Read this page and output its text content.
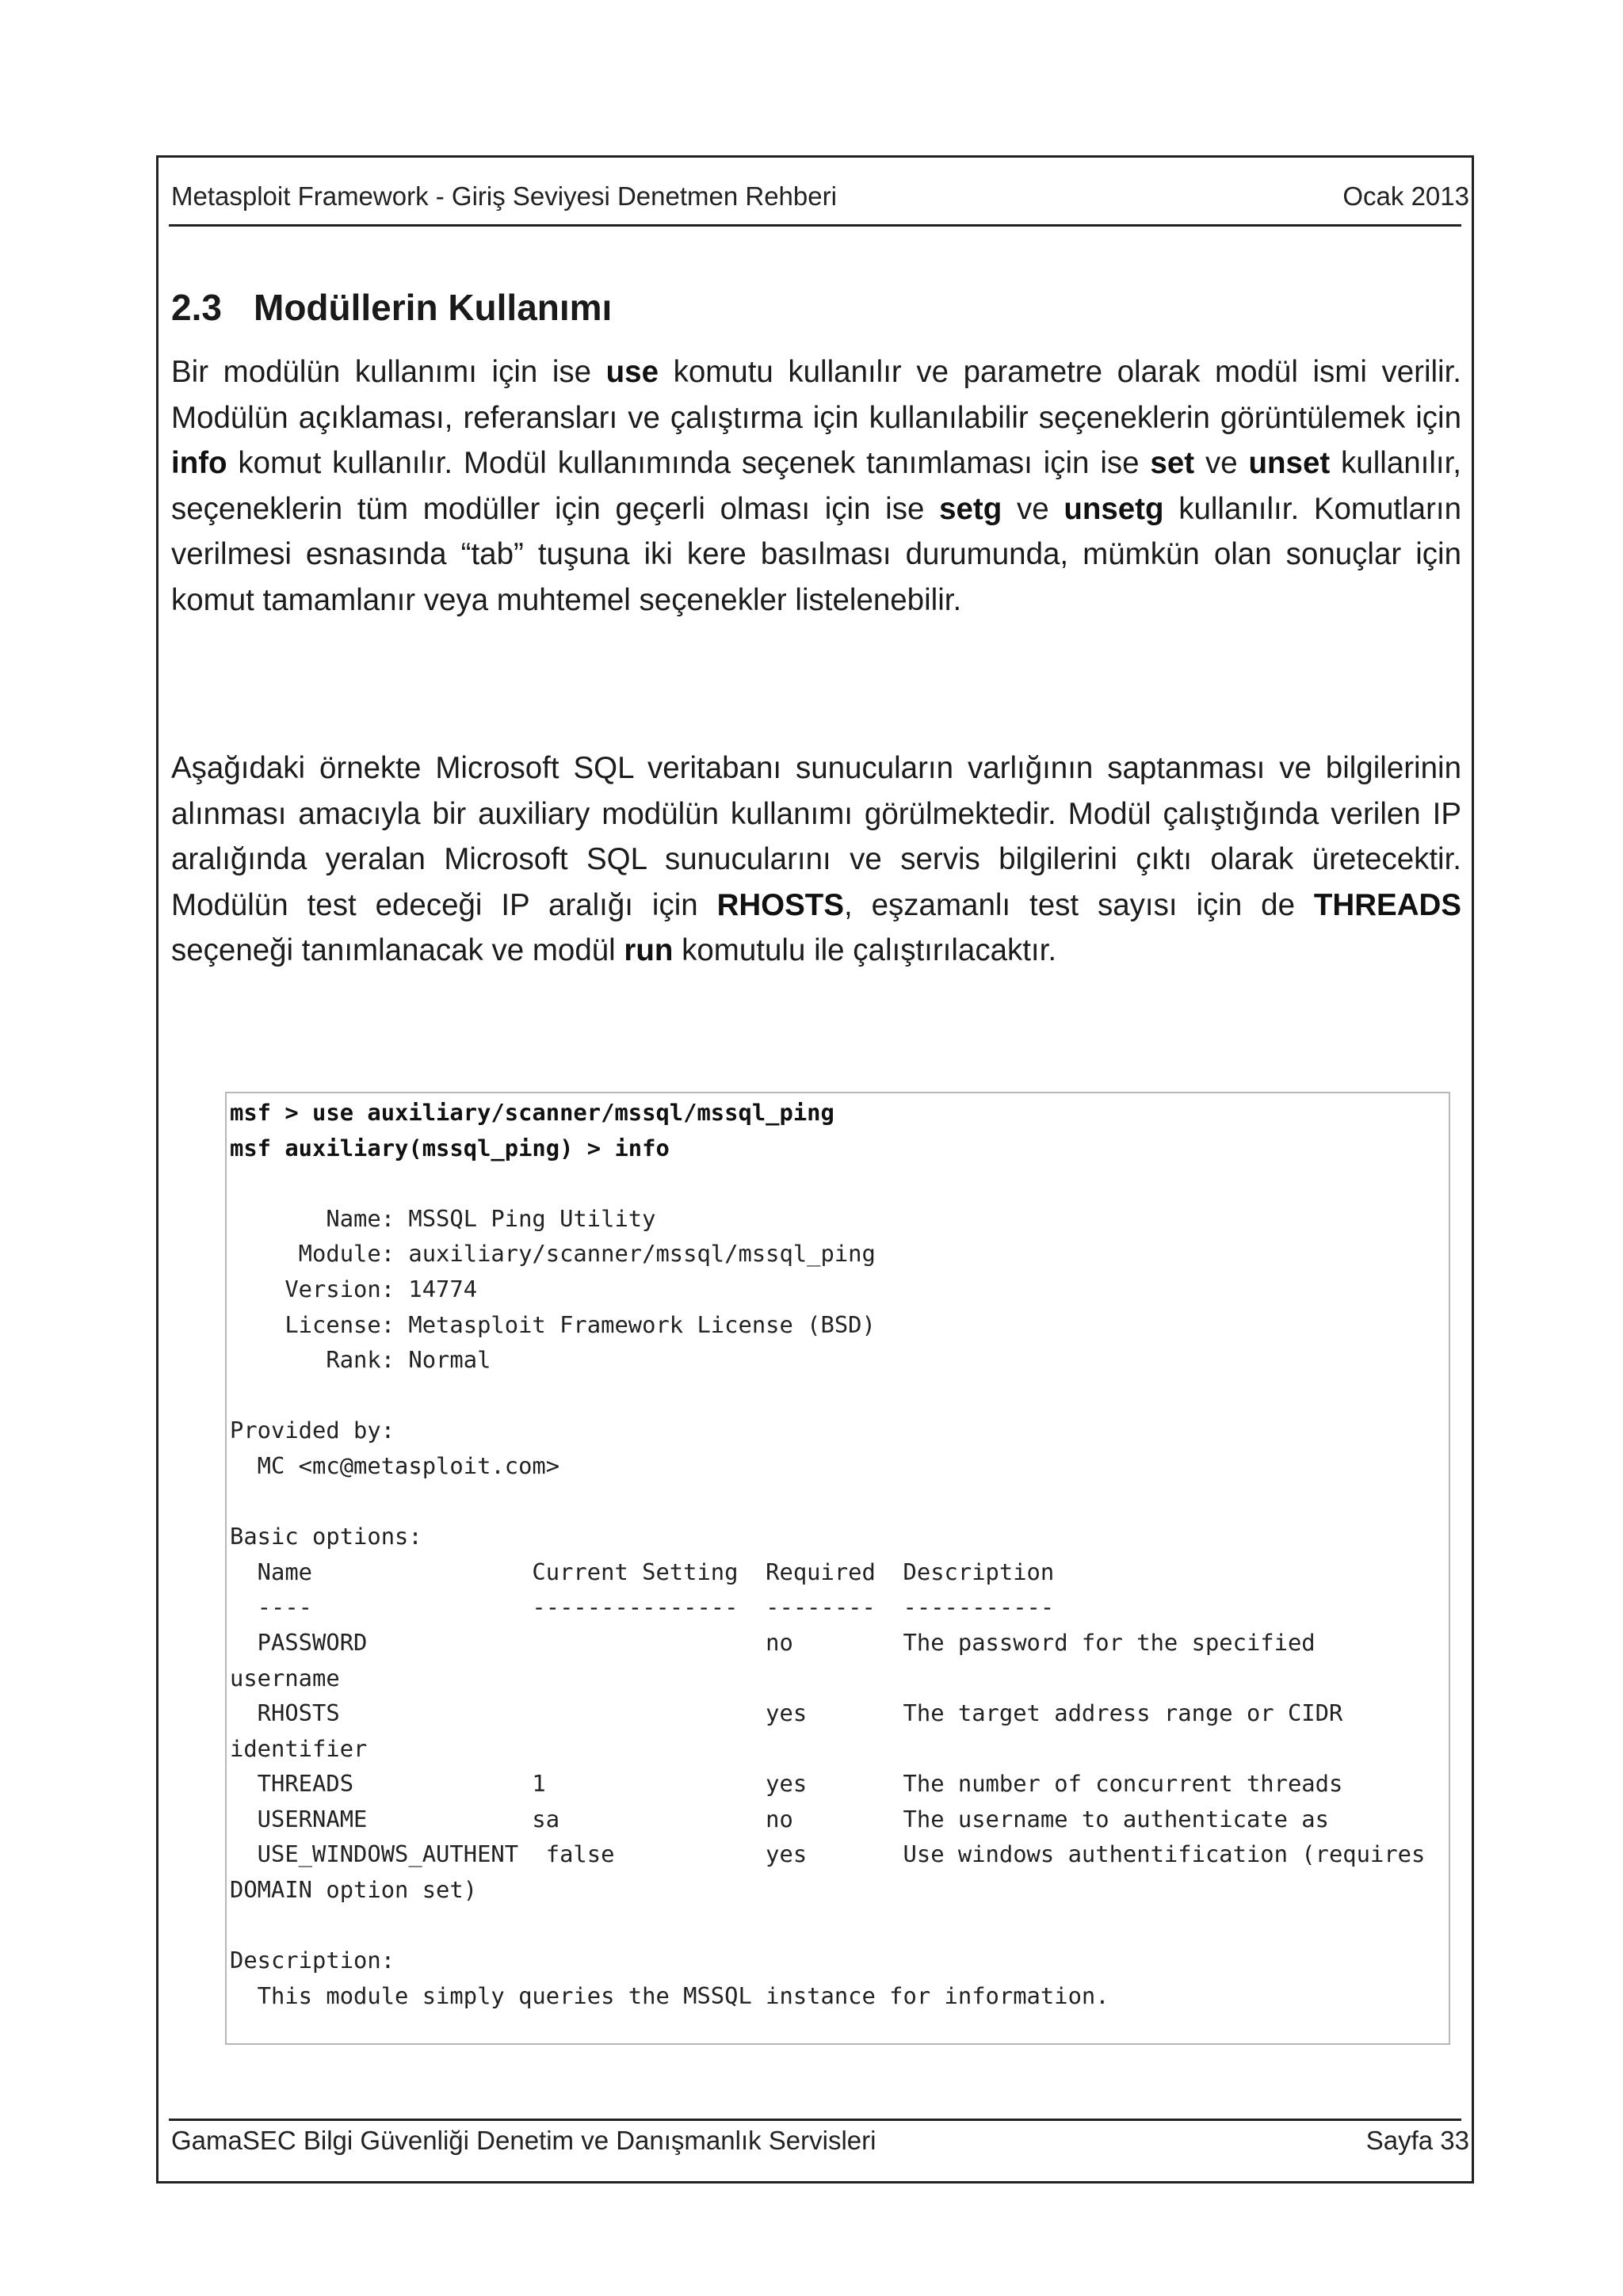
Metasploit Framework - Giriş Seviyesi Denetmen Rehberi	Ocak 2013
2.3 Modüllerin Kullanımı

Bir modülün kullanımı için ise use komutu kullanılır ve parametre olarak modül ismi verilir. Modülün açıklaması, referansları ve çalıştırma için kullanılabilir seçeneklerin görüntülemek için info komut kullanılır. Modül kullanımında seçenek tanımlaması için ise set ve unset kullanılır, seçeneklerin tüm modüller için geçerli olması için ise setg ve unsetg kullanılır. Komutların verilmesi esnasında “tab” tuşuna iki kere basılması durumunda, mümkün olan sonuçlar için komut tamamlanır veya muhtemel seçenekler listelenebilir.

Aşağıdaki örnekte Microsoft SQL veritabanı sunucuların varlığının saptanması ve bilgilerinin alınması amacıyla bir auxiliary modülün kullanımı görülmektedir. Modül çalıştığında verilen IP aralığında yeralan Microsoft SQL sunucularını ve servis bilgilerini çıktı olarak üretecektir. Modülün test edeceği IP aralığı için RHOSTS, eşzamanlı test sayısı için de THREADS seçeneği tanımlanacak ve modül run komutulu ile çalıştırılacaktır.

msf > use auxiliary/scanner/mssql/mssql_ping
msf auxiliary(mssql_ping) > info

Name: MSSQL Ping Utility
Module: auxiliary/scanner/mssql/mssql_ping
Version: 14774
License: Metasploit Framework License (BSD)
Rank: Normal

Provided by:
MC <mc@metasploit.com>

Basic options:
Name                Current Setting  Required  Description
----                ---------------  --------  -----------
PASSWORD                             no        The password for the specified
username
RHOSTS                               yes       The target address range or CIDR
identifier
THREADS             1                yes       The number of concurrent threads
USERNAME            sa               no        The username to authenticate as
USE_WINDOWS_AUTHENT  false           yes       Use windows authentification (requires
DOMAIN option set)

Description:
This module simply queries the MSSQL instance for information.
GamaSEC Bilgi Güvenliği Denetim ve Danışmanlık Servisleri	Sayfa 33
